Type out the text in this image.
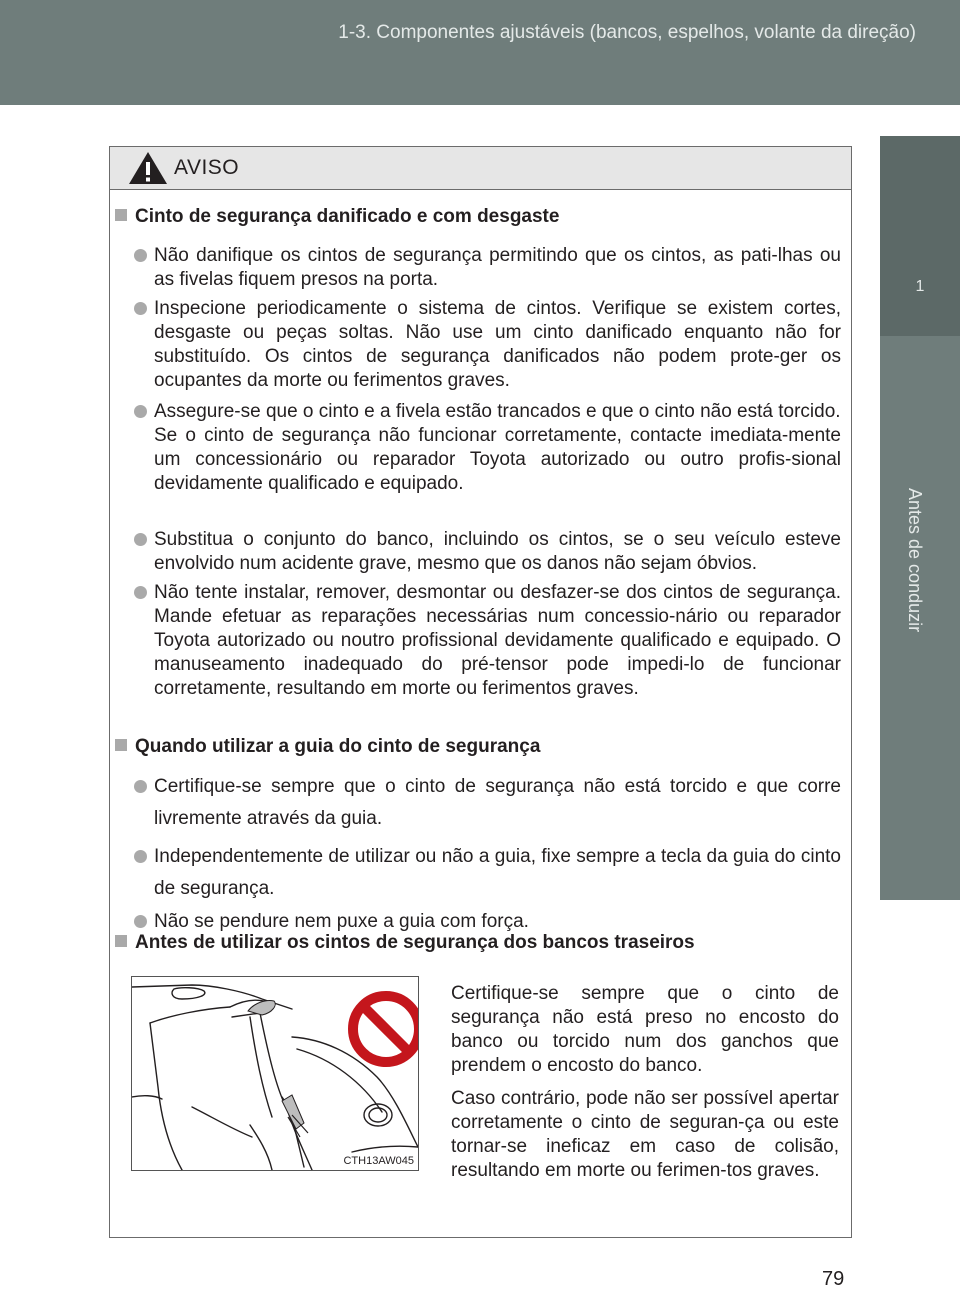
1-3. Componentes ajustáveis (bancos, espelhos, volante da direção)
1
Antes de conduzir
AVISO
Cinto de segurança danificado e com desgaste
Não danifique os cintos de segurança permitindo que os cintos, as pati-lhas ou as fivelas fiquem presos na porta.
Inspecione periodicamente o sistema de cintos. Verifique se existem cortes, desgaste ou peças soltas. Não use um cinto danificado enquanto não for substituído. Os cintos de segurança danificados não podem prote-ger os ocupantes da morte ou ferimentos graves.
Assegure-se que o cinto e a fivela estão trancados e que o cinto não está torcido.
Se o cinto de segurança não funcionar corretamente, contacte imediata-mente um concessionário ou reparador Toyota autorizado ou outro profis-sional devidamente qualificado e equipado.
Substitua o conjunto do banco, incluindo os cintos, se o seu veículo esteve envolvido num acidente grave, mesmo que os danos não sejam óbvios.
Não tente instalar, remover, desmontar ou desfazer-se dos cintos de segurança. Mande efetuar as reparações necessárias num concessio-nário ou reparador Toyota autorizado ou noutro profissional devidamente qualificado e equipado. O manuseamento inadequado do pré-tensor pode impedi-lo de funcionar corretamente, resultando em morte ou ferimentos graves.
Quando utilizar a guia do cinto de segurança
Certifique-se sempre que o cinto de segurança não está torcido e que corre livremente através da guia.
Independentemente de utilizar ou não a guia, fixe sempre a tecla da guia do cinto de segurança.
Não se pendure nem puxe a guia com força.
Antes de utilizar os cintos de segurança dos bancos traseiros
CTH13AW045
Certifique-se sempre que o cinto de segurança não está preso no encosto do banco ou torcido num dos ganchos que prendem o encosto do banco.
Caso contrário, pode não ser possível apertar corretamente o cinto de seguran-ça ou este tornar-se ineficaz em caso de colisão, resultando em morte ou ferimen-tos graves.
79
